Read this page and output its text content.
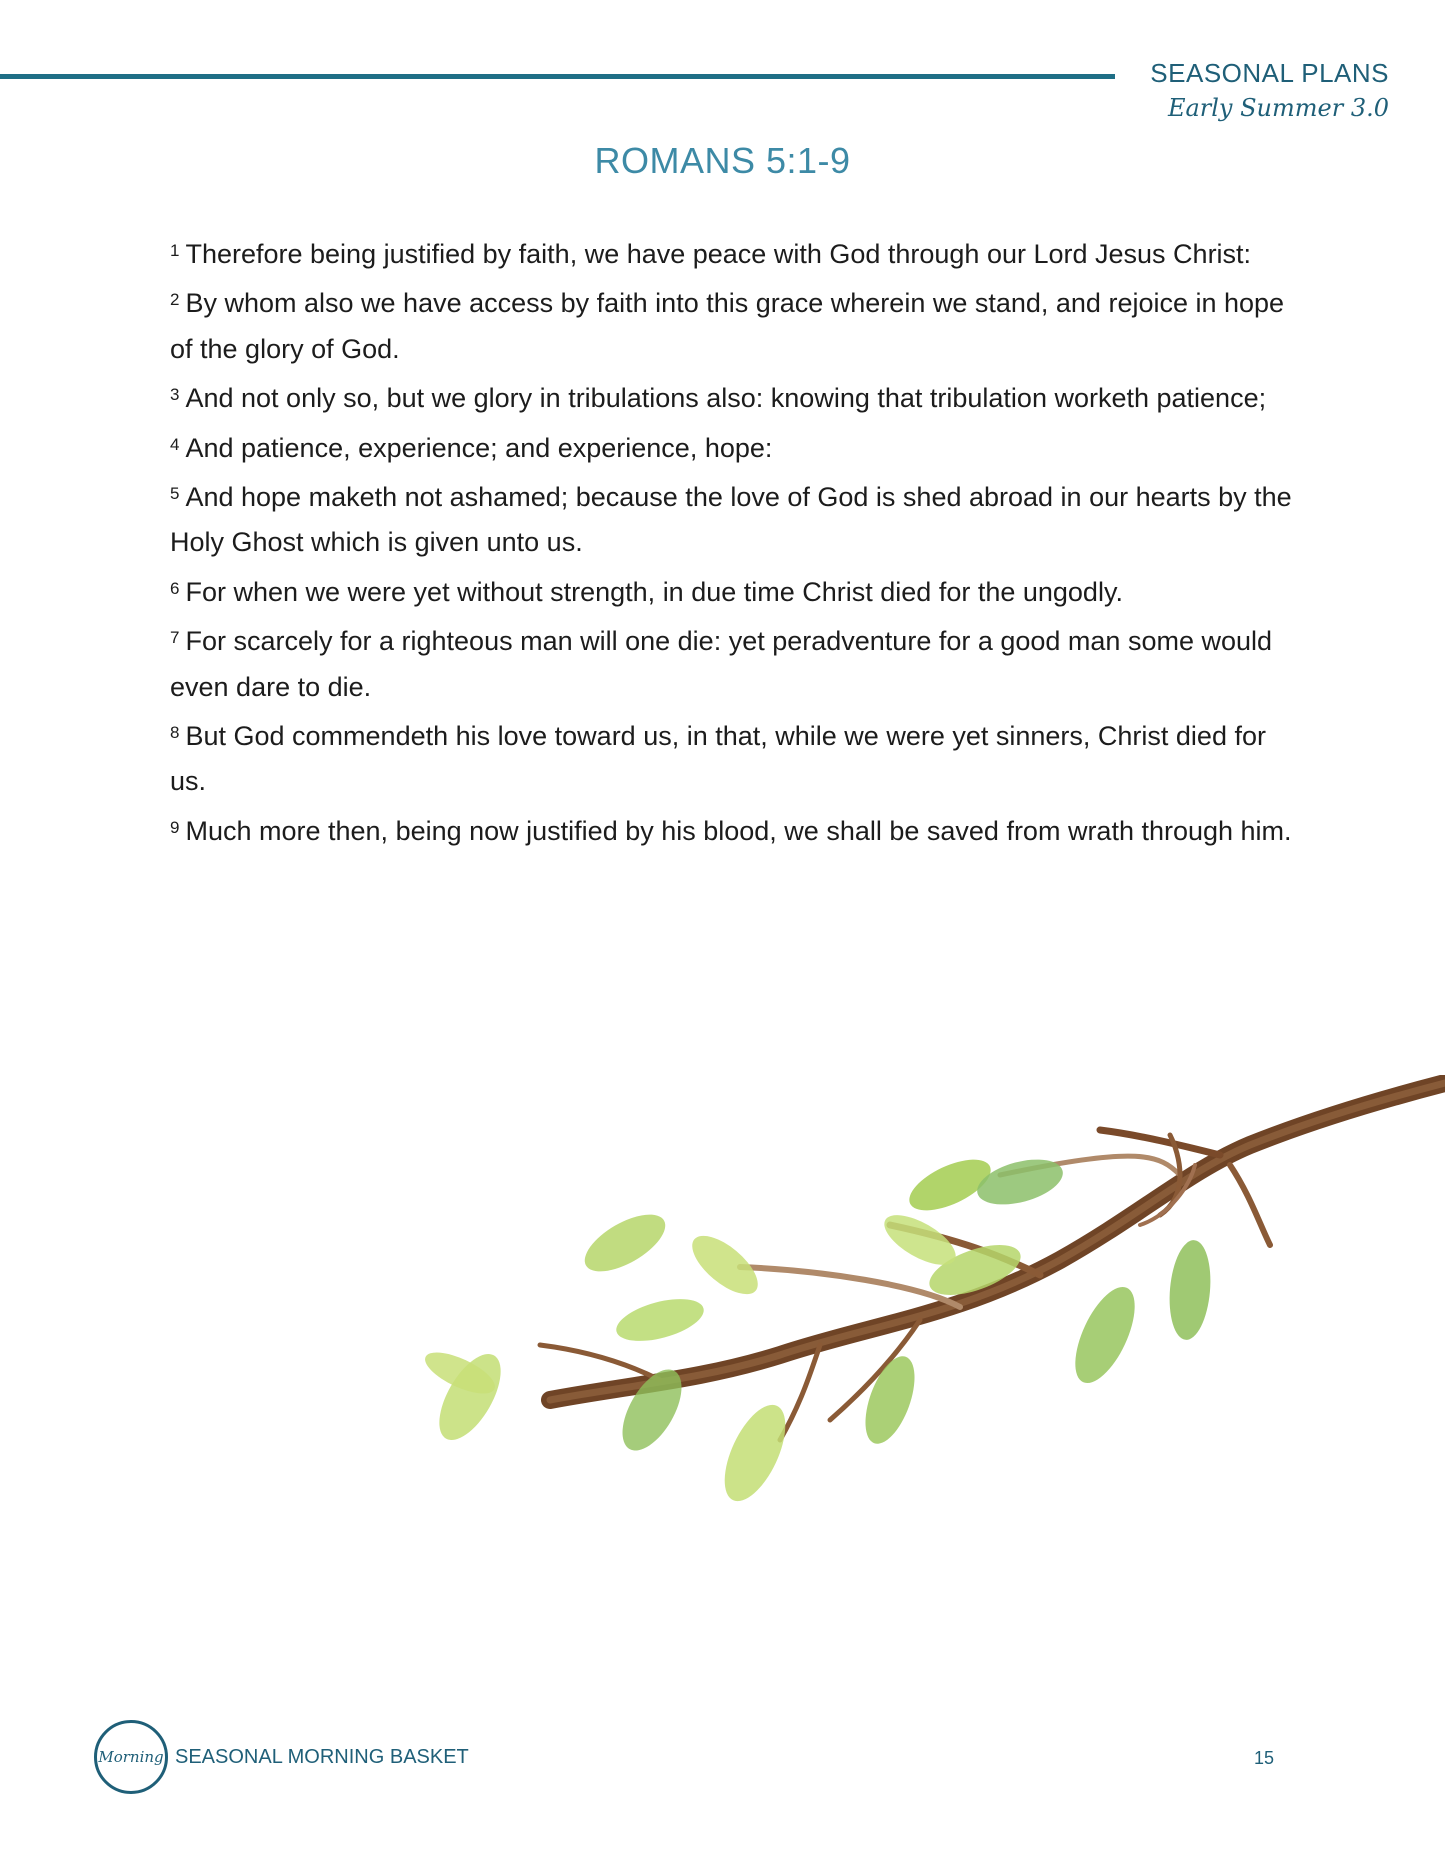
SEASONAL PLANS
Early Summer 3.0
ROMANS 5:1-9

$^1$ Therefore being justified by faith, we have peace with God through our Lord Jesus Christ:

$^2$ By whom also we have access by faith into this grace wherein we stand, and rejoice in hope of the glory of God.

$^3$ And not only so, but we glory in tribulations also: knowing that tribulation worketh patience;

$^4$ And patience, experience; and experience, hope:

$^5$ And hope maketh not ashamed; because the love of God is shed abroad in our hearts by the Holy Ghost which is given unto us.

$^6$ For when we were yet without strength, in due time Christ died for the ungodly.

$^7$ For scarcely for a righteous man will one die: yet peradventure for a good man some would even dare to die.

$^8$ But God commendeth his love toward us, in that, while we were yet sinners, Christ died for us.

$^9$ Much more then, being now justified by his blood, we shall be saved from wrath through him.

Morning SEASONAL MORNING BASKET	15
